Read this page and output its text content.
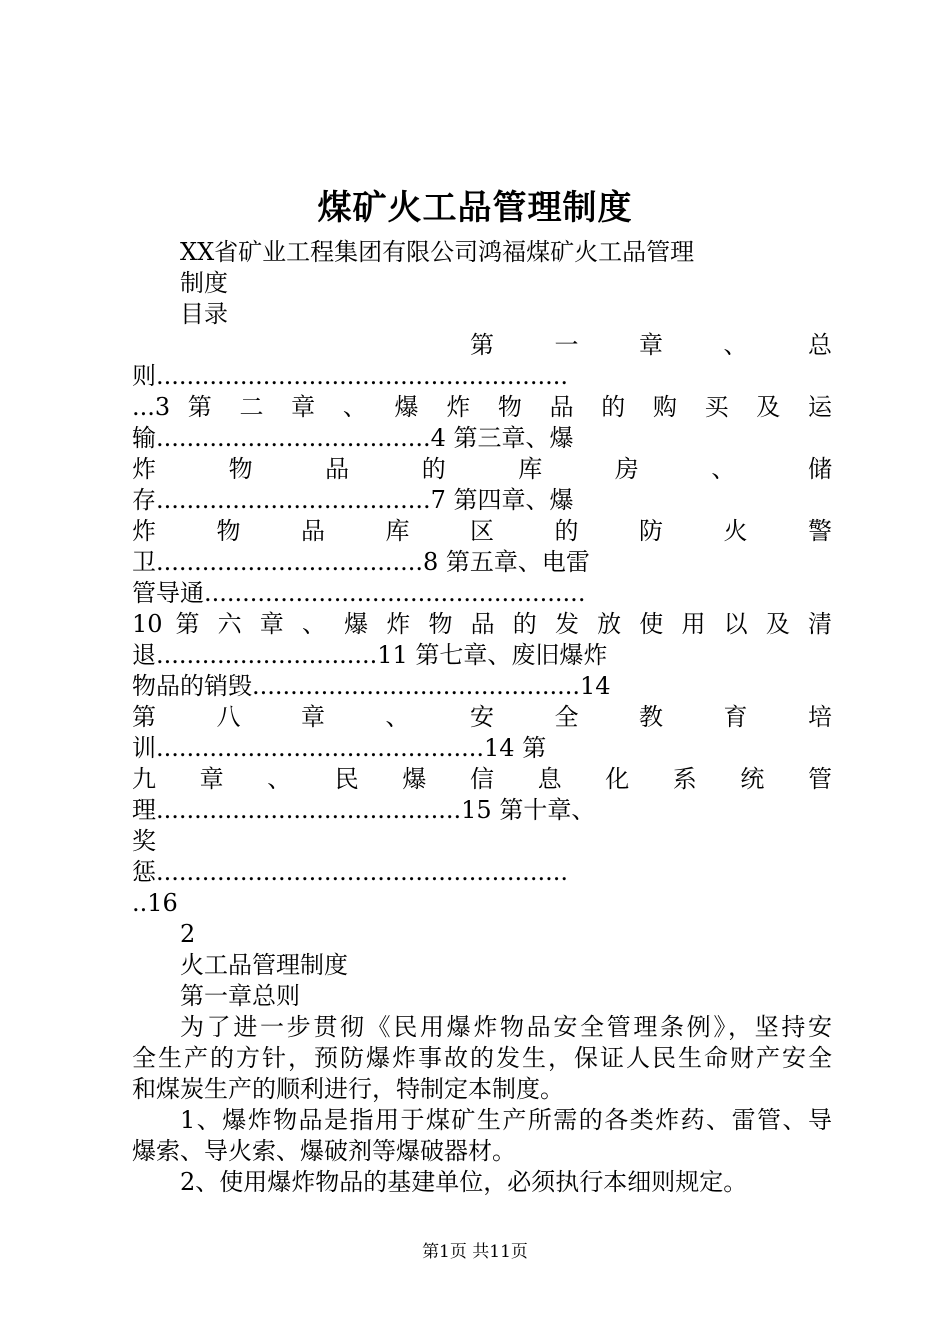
煤矿火工品管理制度
XX省矿业工程集团有限公司鸿福煤矿火工品管理
制度
目录
第 一 章 、 总
则......................................................
...3 第 二 章 、 爆 炸 物 品 的 购 买 及 运
输....................................4 第三章、爆
炸 物 品 的 库 房 、 储
存....................................7 第四章、爆
炸 物 品 库 区 的 防 火 警
卫...................................8 第五章、电雷
管导通..................................................
10 第 六 章 、 爆 炸 物 品 的 发 放 使 用 以 及 清
退.............................11 第七章、废旧爆炸
物品的销毁...........................................14
第 八 章 、 安 全 教 育 培
训...........................................14 第
九 章 、 民 爆 信 息 化 系 统 管
理........................................15 第十章、
奖
惩......................................................
..16
2
火工品管理制度
第一章总则
为了进一步贯彻《民用爆炸物品安全管理条例》，坚持安
全生产的方针，预防爆炸事故的发生，保证人民生命财产安全
和煤炭生产的顺利进行，特制定本制度。
1、爆炸物品是指用于煤矿生产所需的各类炸药、雷管、导
爆索、导火索、爆破剂等爆破器材。
2、使用爆炸物品的基建单位，必须执行本细则规定。
第1页 共11页
